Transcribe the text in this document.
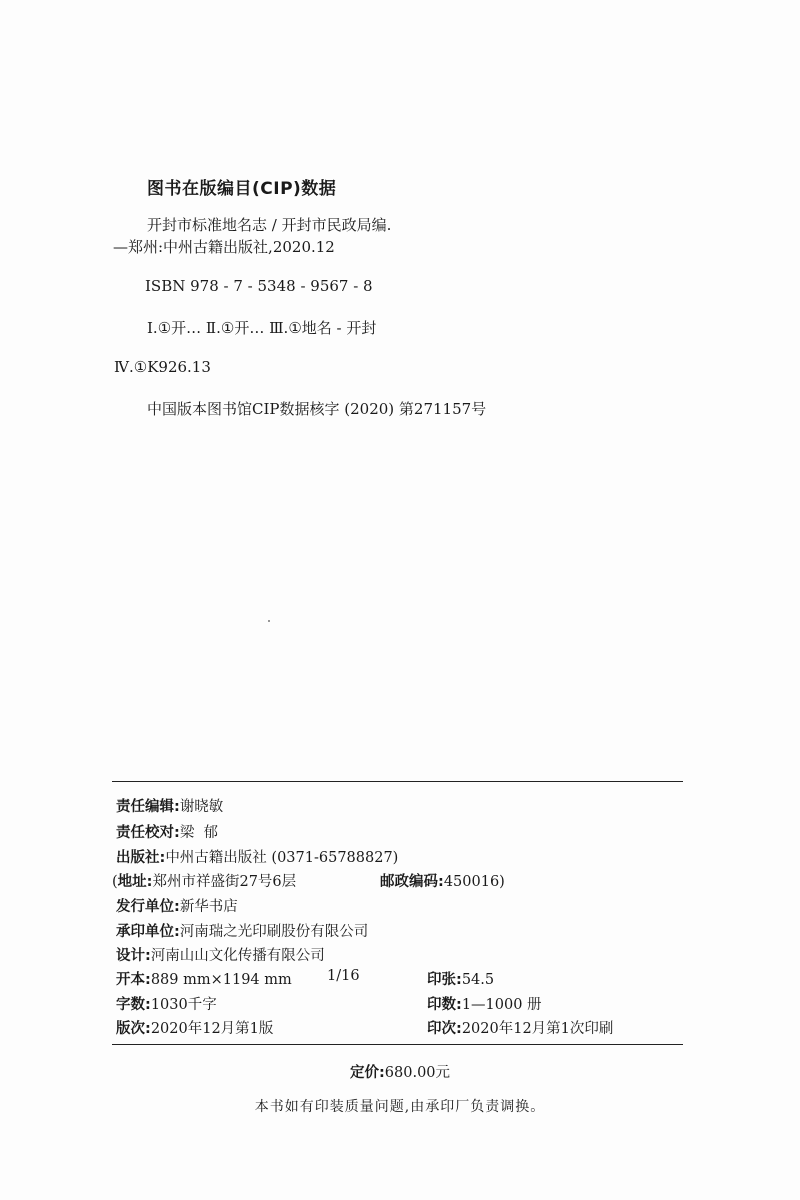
图书在版编目(CIP)数据
开封市标准地名志 / 开封市民政局编.
—郑州:中州古籍出版社,2020.12
ISBN 978 - 7 - 5348 - 9567 - 8
Ⅰ.①开… Ⅱ.①开… Ⅲ.①地名 - 开封
Ⅳ.①K926.13
中国版本图书馆CIP数据核字 (2020) 第271157号
责任编辑:谢晓敏
责任校对:梁  郁
出版社:中州古籍出版社 (0371-65788827)
(地址:郑州市祥盛街27号6层	邮政编码:450016)
发行单位:新华书店
承印单位:河南瑞之光印刷股份有限公司
设计:河南山山文化传播有限公司
开本:889 mm×1194 mm 1/16	印张:54.5
字数:1030千字	印数:1—1000 册
版次:2020年12月第1版	印次:2020年12月第1次印刷
定价:680.00元
本书如有印装质量问题,由承印厂负责调换。
